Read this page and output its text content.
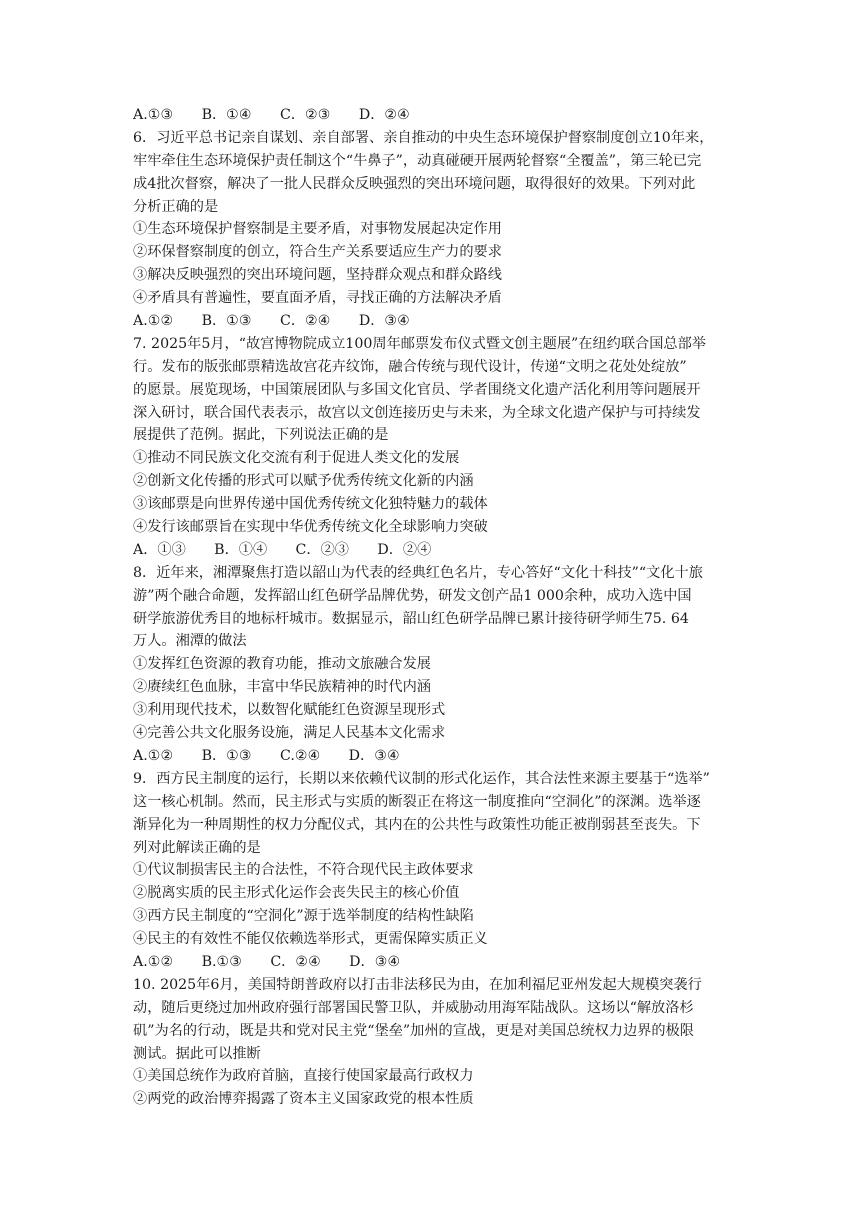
A.①③　　B．①④　　C．②③　　D．②④
6．习近平总书记亲自谋划、亲自部署、亲自推动的中央生态环境保护督察制度创立10年来，
牢牢牵住生态环境保护责任制这个“牛鼻子”，动真碰硬开展两轮督察“全覆盖”，第三轮已完
成4批次督察，解决了一批人民群众反映强烈的突出环境问题，取得很好的效果。下列对此
分析正确的是
①生态环境保护督察制是主要矛盾，对事物发展起决定作用
②环保督察制度的创立，符合生产关系要适应生产力的要求
③解决反映强烈的突出环境问题，坚持群众观点和群众路线
④矛盾具有普遍性，要直面矛盾，寻找正确的方法解决矛盾
A.①②　　B．①③　　C．②④　　D．③④
7. 2025年5月，“故宫博物院成立100周年邮票发布仪式暨文创主题展”在纽约联合国总部举
行。发布的版张邮票精选故宫花卉纹饰，融合传统与现代设计，传递“文明之花处处绽放”
的愿景。展览现场，中国策展团队与多国文化官员、学者围绕文化遗产活化利用等问题展开
深入研讨，联合国代表表示，故宫以文创连接历史与未来，为全球文化遗产保护与可持续发
展提供了范例。据此，下列说法正确的是
①推动不同民族文化交流有利于促进人类文化的发展
②创新文化传播的形式可以赋予优秀传统文化新的内涵
③该邮票是向世界传递中国优秀传统文化独特魅力的载体
④发行该邮票旨在实现中华优秀传统文化全球影响力突破
A．①③　　B．①④　　C．②③　　D．②④
8．近年来，湘潭聚焦打造以韶山为代表的经典红色名片，专心答好“文化十科技”“文化十旅
游”两个融合命题，发挥韶山红色研学品牌优势，研发文创产品1 000余种，成功入选中国
研学旅游优秀目的地标杆城市。数据显示，韶山红色研学品牌已累计接待研学师生75. 64
万人。湘潭的做法
①发挥红色资源的教育功能，推动文旅融合发展
②赓续红色血脉，丰富中华民族精神的时代内涵
③利用现代技术，以数智化赋能红色资源呈现形式
④完善公共文化服务设施，满足人民基本文化需求
A.①②　　B．①③　　C.②④　　D．③④
9．西方民主制度的运行，长期以来依赖代议制的形式化运作，其合法性来源主要基于“选举”
这一核心机制。然而，民主形式与实质的断裂正在将这一制度推向“空洞化”的深渊。选举逐
渐异化为一种周期性的权力分配仪式，其内在的公共性与政策性功能正被削弱甚至丧失。下
列对此解读正确的是
①代议制损害民主的合法性，不符合现代民主政体要求
②脱离实质的民主形式化运作会丧失民主的核心价值
③西方民主制度的“空洞化”源于选举制度的结构性缺陷
④民主的有效性不能仅依赖选举形式，更需保障实质正义
A.①②　　B.①③　　C．②④　　D．③④
10. 2025年6月，美国特朗普政府以打击非法移民为由，在加利福尼亚州发起大规模突袭行
动，随后更绕过加州政府强行部署国民警卫队，并威胁动用海军陆战队。这场以“解放洛杉
矶”为名的行动，既是共和党对民主党“堡垒”加州的宣战，更是对美国总统权力边界的极限
测试。据此可以推断
①美国总统作为政府首脑，直接行使国家最高行政权力
②两党的政治博弈揭露了资本主义国家政党的根本性质
